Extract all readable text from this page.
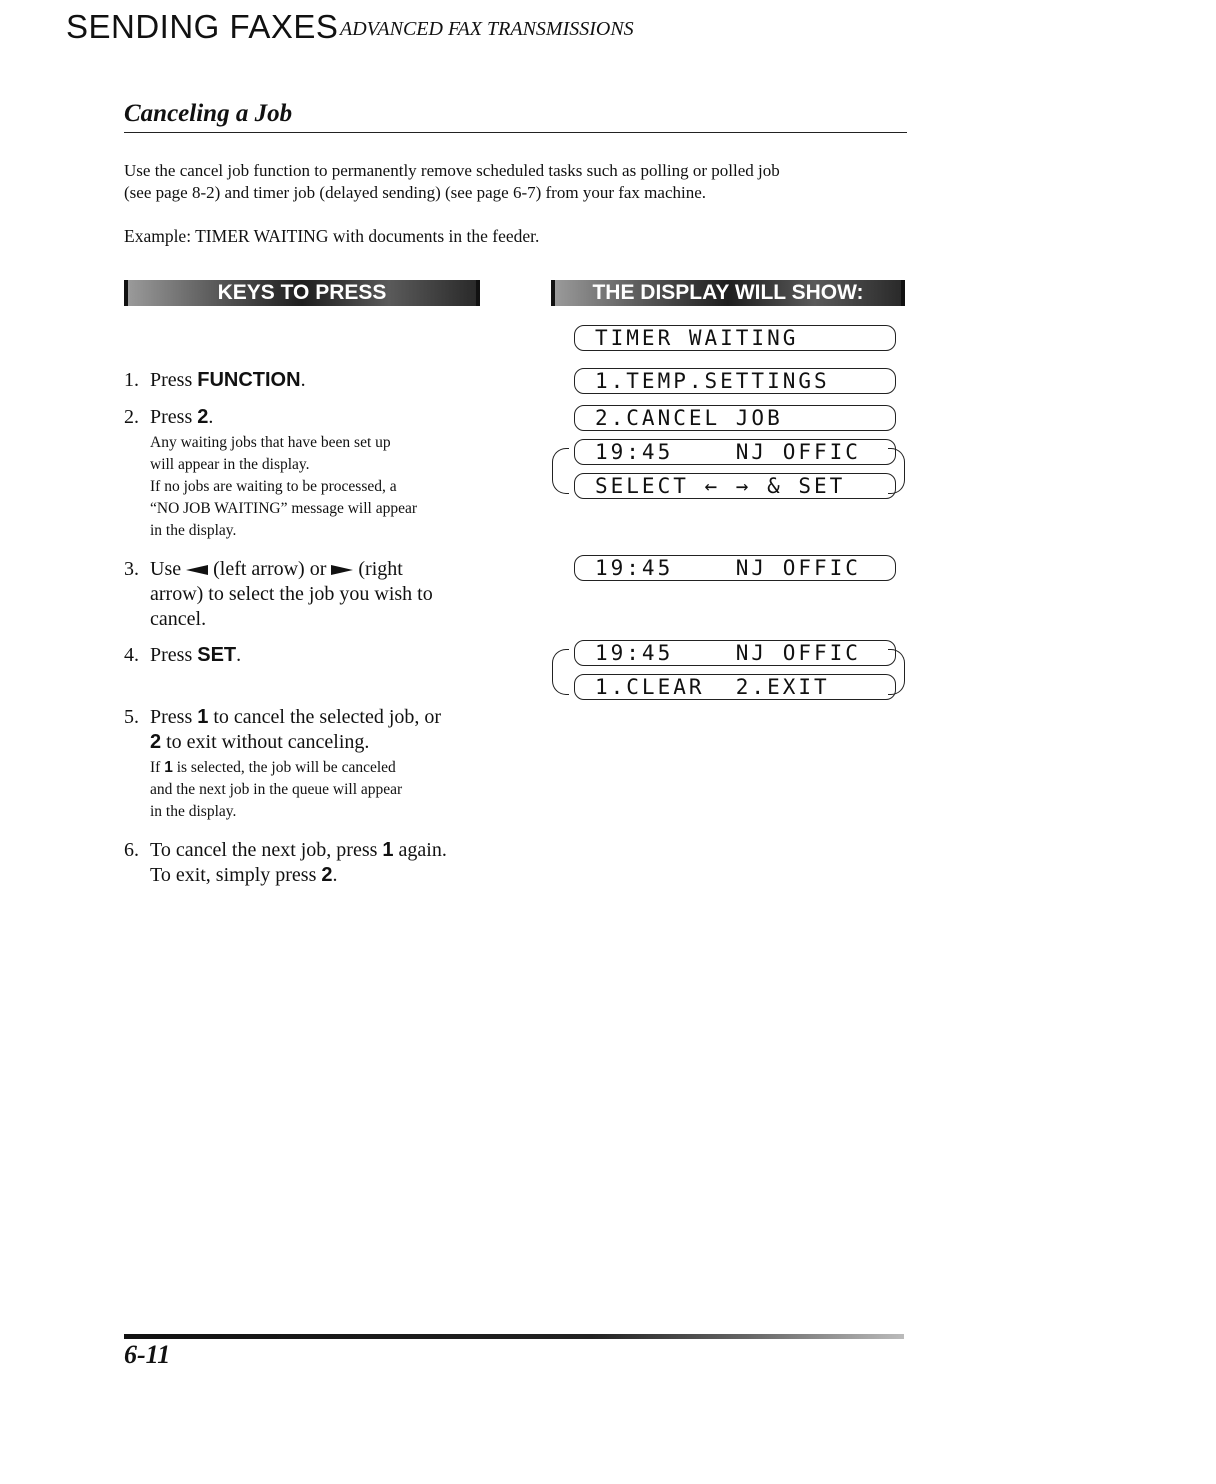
SENDING FAXES ADVANCED FAX TRANSMISSIONS
Canceling a Job
Use the cancel job function to permanently remove scheduled tasks such as polling or polled job
(see page 8-2) and timer job (delayed sending) (see page 6-7) from your fax machine.
Example: TIMER WAITING with documents in the feeder.
KEYS TO PRESS	THE DISPLAY WILL SHOW:
1. Press FUNCTION.
2. Press 2.
Any waiting jobs that have been set up
will appear in the display.
If no jobs are waiting to be processed, a
“NO JOB WAITING” message will appear
in the display.
3. Use  (left arrow) or  (right
arrow) to select the job you wish to
cancel.
4. Press SET.
5. Press 1 to cancel the selected job, or
2 to exit without canceling.
If 1 is selected, the job will be canceled
and the next job in the queue will appear
in the display.
6. To cancel the next job, press 1 again.
To exit, simply press 2.
TIMER WAITING
1.TEMP.SETTINGS
2.CANCEL JOB
19:45    NJ OFFIC
SELECT ← → & SET
19:45    NJ OFFIC
19:45    NJ OFFIC
1.CLEAR  2.EXIT
6-11
